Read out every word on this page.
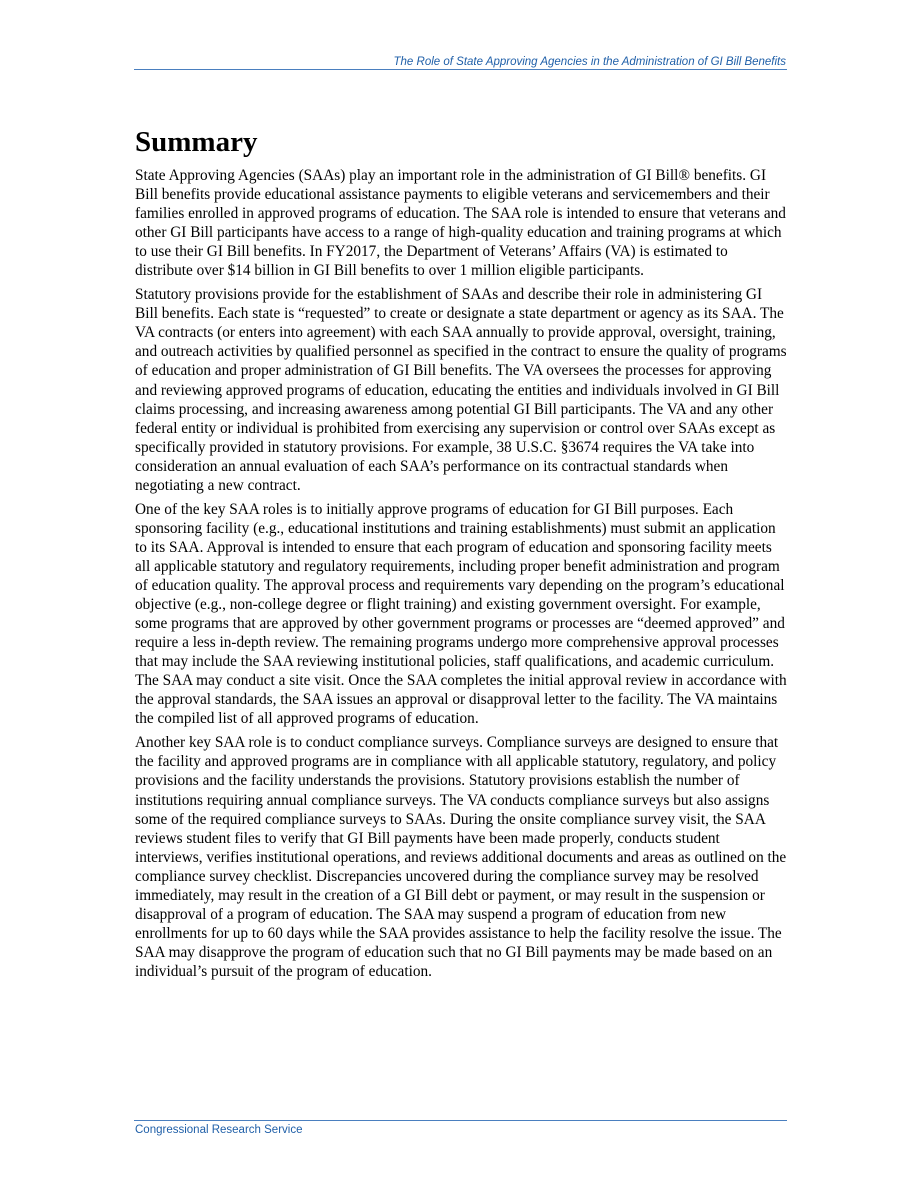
The Role of State Approving Agencies in the Administration of GI Bill Benefits
Summary

State Approving Agencies (SAAs) play an important role in the administration of GI Bill® benefits. GI Bill benefits provide educational assistance payments to eligible veterans and servicemembers and their families enrolled in approved programs of education. The SAA role is intended to ensure that veterans and other GI Bill participants have access to a range of high-quality education and training programs at which to use their GI Bill benefits. In FY2017, the Department of Veterans’ Affairs (VA) is estimated to distribute over $14 billion in GI Bill benefits to over 1 million eligible participants.

Statutory provisions provide for the establishment of SAAs and describe their role in administering GI Bill benefits. Each state is “requested” to create or designate a state department or agency as its SAA. The VA contracts (or enters into agreement) with each SAA annually to provide approval, oversight, training, and outreach activities by qualified personnel as specified in the contract to ensure the quality of programs of education and proper administration of GI Bill benefits. The VA oversees the processes for approving and reviewing approved programs of education, educating the entities and individuals involved in GI Bill claims processing, and increasing awareness among potential GI Bill participants. The VA and any other federal entity or individual is prohibited from exercising any supervision or control over SAAs except as specifically provided in statutory provisions. For example, 38 U.S.C. §3674 requires the VA take into consideration an annual evaluation of each SAA’s performance on its contractual standards when negotiating a new contract.

One of the key SAA roles is to initially approve programs of education for GI Bill purposes. Each sponsoring facility (e.g., educational institutions and training establishments) must submit an application to its SAA. Approval is intended to ensure that each program of education and sponsoring facility meets all applicable statutory and regulatory requirements, including proper benefit administration and program of education quality. The approval process and requirements vary depending on the program’s educational objective (e.g., non-college degree or flight training) and existing government oversight. For example, some programs that are approved by other government programs or processes are “deemed approved” and require a less in-depth review. The remaining programs undergo more comprehensive approval processes that may include the SAA reviewing institutional policies, staff qualifications, and academic curriculum. The SAA may conduct a site visit. Once the SAA completes the initial approval review in accordance with the approval standards, the SAA issues an approval or disapproval letter to the facility. The VA maintains the compiled list of all approved programs of education.

Another key SAA role is to conduct compliance surveys. Compliance surveys are designed to ensure that the facility and approved programs are in compliance with all applicable statutory, regulatory, and policy provisions and the facility understands the provisions. Statutory provisions establish the number of institutions requiring annual compliance surveys. The VA conducts compliance surveys but also assigns some of the required compliance surveys to SAAs. During the onsite compliance survey visit, the SAA reviews student files to verify that GI Bill payments have been made properly, conducts student interviews, verifies institutional operations, and reviews additional documents and areas as outlined on the compliance survey checklist. Discrepancies uncovered during the compliance survey may be resolved immediately, may result in the creation of a GI Bill debt or payment, or may result in the suspension or disapproval of a program of education. The SAA may suspend a program of education from new enrollments for up to 60 days while the SAA provides assistance to help the facility resolve the issue. The SAA may disapprove the program of education such that no GI Bill payments may be made based on an individual’s pursuit of the program of education.

Congressional Research Service
